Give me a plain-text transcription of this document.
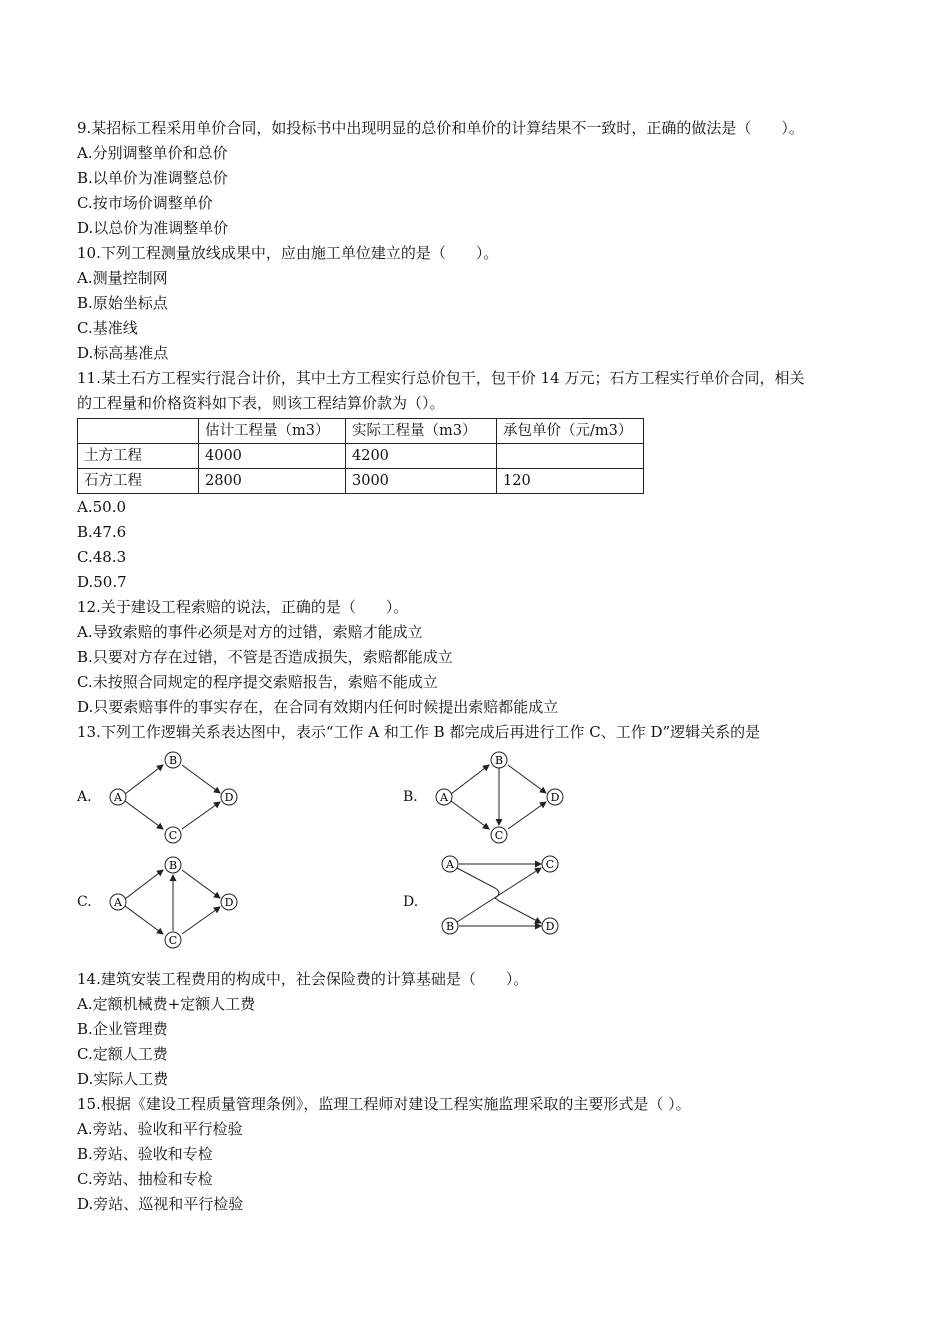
9.某招标工程采用单价合同，如投标书中出现明显的总价和单价的计算结果不一致时，正确的做法是（　　）。
A.分别调整单价和总价
B.以单价为准调整总价
C.按市场价调整单价
D.以总价为准调整单价
10.下列工程测量放线成果中，应由施工单位建立的是（　　）。
A.测量控制网
B.原始坐标点
C.基准线
D.标高基准点
11.某土石方工程实行混合计价，其中土方工程实行总价包干，包干价 14 万元；石方工程实行单价合同，相关
的工程量和价格资料如下表，则该工程结算价款为（）。
	估计工程量（m3）	实际工程量（m3）	承包单价（元/m3）
土方工程	4000	4200	
石方工程	2800	3000	120
A.50.0
B.47.6
C.48.3
D.50.7
12.关于建设工程索赔的说法，正确的是（　　）。
A.导致索赔的事件必须是对方的过错，索赔才能成立
B.只要对方存在过错，不管是否造成损失，索赔都能成立
C.未按照合同规定的程序提交索赔报告，索赔不能成立
D.只要索赔事件的事实存在，在合同有效期内任何时候提出索赔都能成立
13.下列工作逻辑关系表达图中，表示“工作 A 和工作 B 都完成后再进行工作 C、工作 D”逻辑关系的是
A. A
B
C
D	B. A
B
C
D
C. A
B
C
D	D.
A
B
C
D
14.建筑安装工程费用的构成中，社会保险费的计算基础是（　　）。
A.定额机械费+定额人工费
B.企业管理费
C.定额人工费
D.实际人工费
15.根据《建设工程质量管理条例》，监理工程师对建设工程实施监理采取的主要形式是（ ）。
A.旁站、验收和平行检验
B.旁站、验收和专检
C.旁站、抽检和专检
D.旁站、巡视和平行检验
